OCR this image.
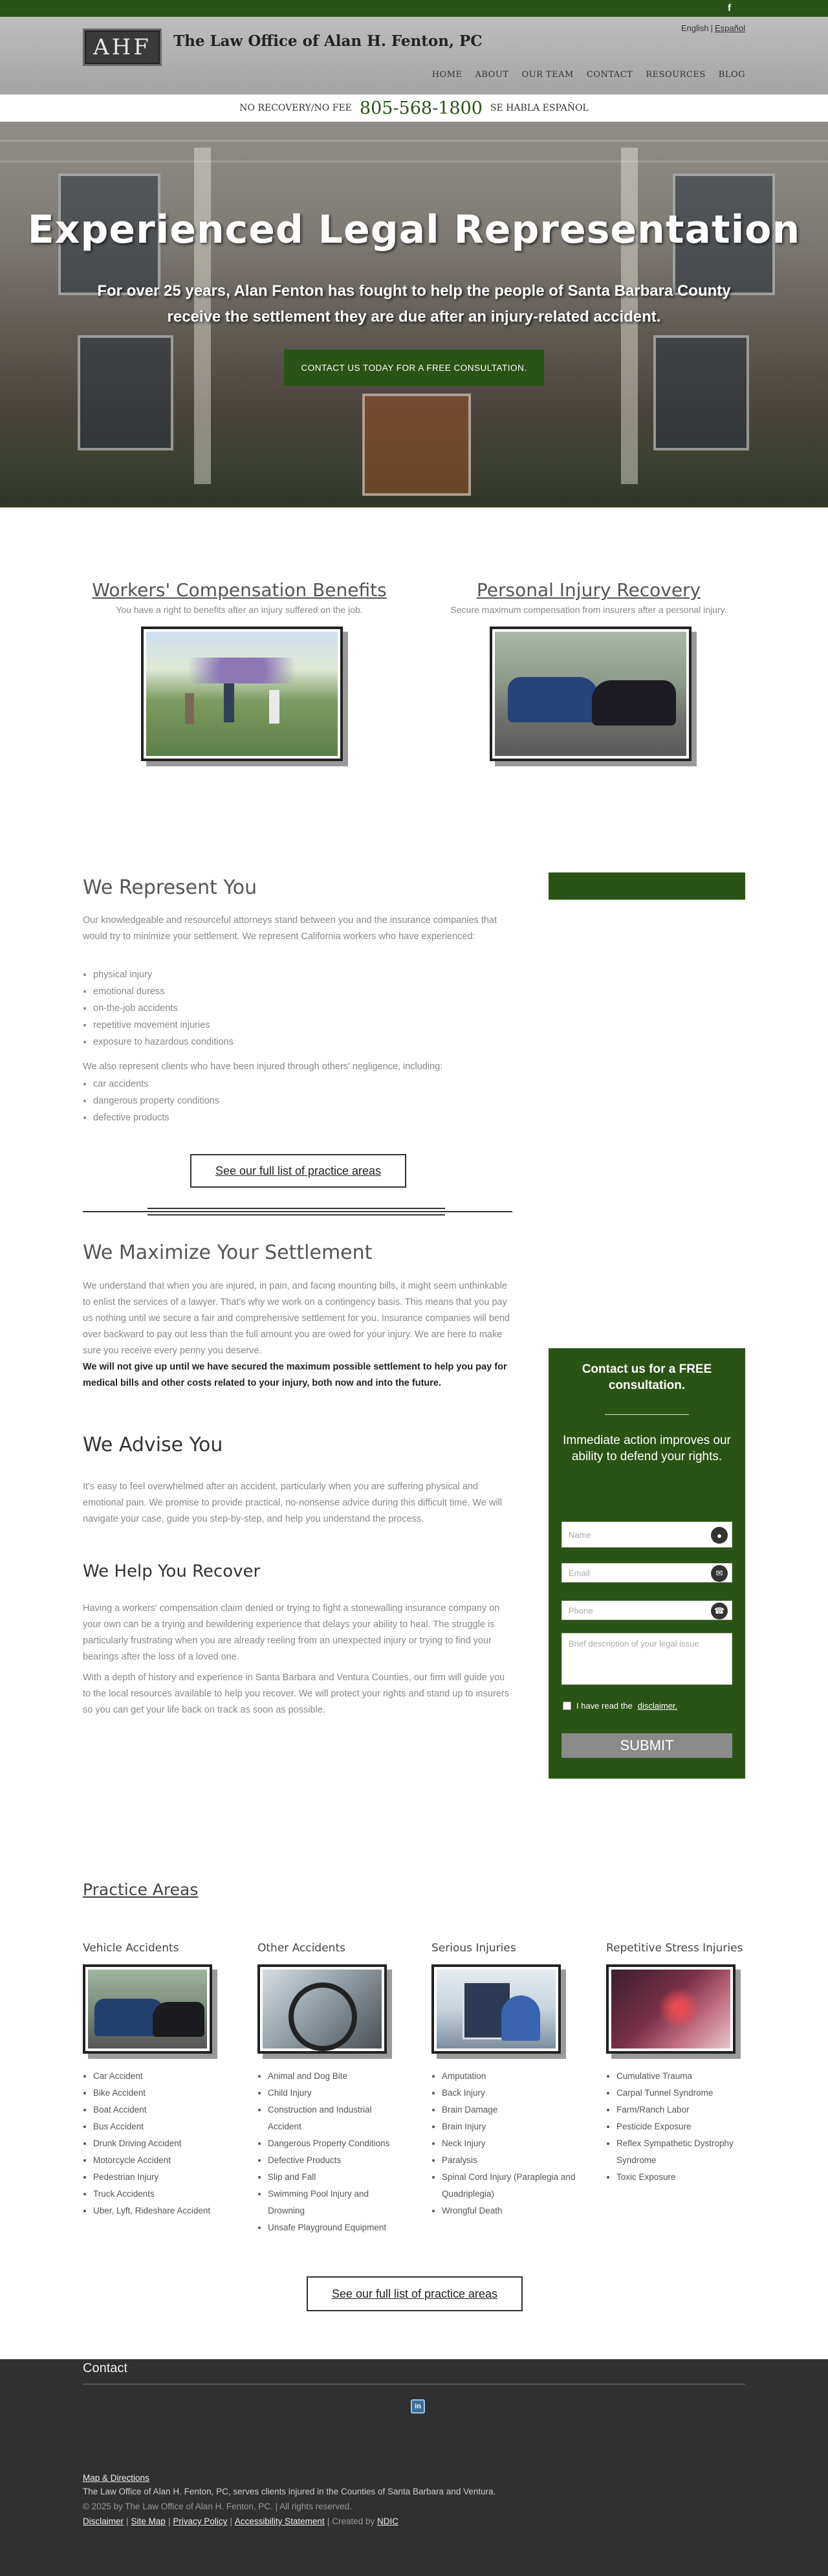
f
AHF	The Law Office of Alan H. Fenton, PC
English | Español
HOME ABOUT OUR TEAM CONTACT RESOURCES BLOG
NO RECOVERY/NO FEE 805-568-1800 SE HABLA ESPAÑOL
Experienced Legal Representation
For over 25 years, Alan Fenton has fought to help the people of Santa Barbara County receive the settlement they are due after an injury-related accident.
CONTACT US TODAY FOR A FREE CONSULTATION.
Workers' Compensation Benefits

You have a right to benefits after an injury suffered on the job.

Personal Injury Recovery

Secure maximum compensation from insurers after a personal injury.

We Represent You

Our knowledgeable and resourceful attorneys stand between you and the insurance companies that would try to minimize your settlement. We represent California workers who have experienced:

• physical injury
• emotional duress
• on-the-job accidents
• repetitive movement injuries
• exposure to hazardous conditions

We also represent clients who have been injured through others' negligence, including:

• car accidents
• dangerous property conditions
• defective products
See our full list of practice areas
We Maximize Your Settlement

We understand that when you are injured, in pain, and facing mounting bills, it might seem unthinkable to enlist the services of a lawyer. That's why we work on a contingency basis. This means that you pay us nothing until we secure a fair and comprehensive settlement for you. Insurance companies will bend over backward to pay out less than the full amount you are owed for your injury. We are here to make sure you receive every penny you deserve.

We will not give up until we have secured the maximum possible settlement to help you pay for medical bills and other costs related to your injury, both now and into the future.

We Advise You

It's easy to feel overwhelmed after an accident, particularly when you are suffering physical and emotional pain. We promise to provide practical, no-nonsense advice during this difficult time. We will navigate your case, guide you step-by-step, and help you understand the process.

We Help You Recover

Having a workers' compensation claim denied or trying to fight a stonewalling insurance company on your own can be a trying and bewildering experience that delays your ability to heal. The struggle is particularly frustrating when you are already reeling from an unexpected injury or trying to find your bearings after the loss of a loved one.

With a depth of history and experience in Santa Barbara and Ventura Counties, our firm will guide you to the local resources available to help you recover. We will protect your rights and stand up to insurers so you can get your life back on track as soon as possible.

Contact us for a FREE consultation.
Immediate action improves our ability to defend your rights.
Name	●
Email	✉
Phone	☎
Brief description of your legal issue
I have read the disclaimer.
SUBMIT
Practice Areas
Vehicle Accidents
• Car Accident
• Bike Accident
• Boat Accident
• Bus Accident
• Drunk Driving Accident
• Motorcycle Accident
• Pedestrian Injury
• Truck Accidents
• Uber, Lyft, Rideshare Accident
Other Accidents
• Animal and Dog Bite
• Child Injury
• Construction and Industrial Accident
• Dangerous Property Conditions
• Defective Products
• Slip and Fall
• Swimming Pool Injury and Drowning
• Unsafe Playground Equipment
Serious Injuries
• Amputation
• Back Injury
• Brain Damage
• Brain Injury
• Neck Injury
• Paralysis
• Spinal Cord Injury (Paraplegia and Quadriplegia)
• Wrongful Death
Repetitive Stress Injuries
• Cumulative Trauma
• Carpal Tunnel Syndrome
• Farm/Ranch Labor
• Pesticide Exposure
• Reflex Sympathetic Dystrophy Syndrome
• Toxic Exposure
See our full list of practice areas
Contact
in
Map & Directions
The Law Office of Alan H. Fenton, PC, serves clients injured in the Counties of Santa Barbara and Ventura.
© 2025 by The Law Office of Alan H. Fenton, PC. | All rights reserved.
Disclaimer | Site Map | Privacy Policy | Accessibility Statement | Created by NDIC
